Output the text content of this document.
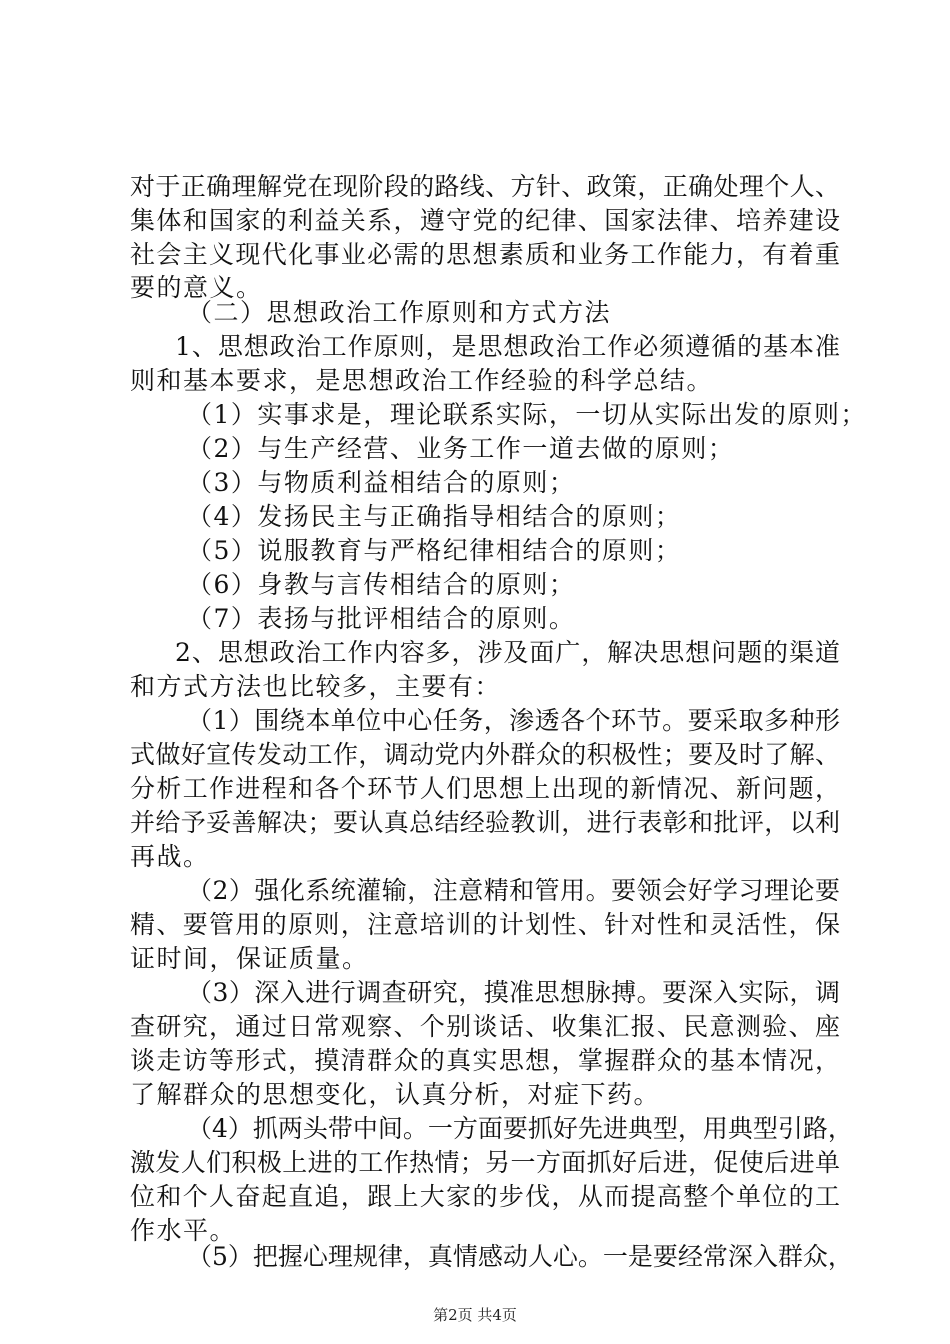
对于正确理解党在现阶段的路线、方针、政策，正确处理个人、
集体和国家的利益关系，遵守党的纪律、国家法律、培养建设
社会主义现代化事业必需的思想素质和业务工作能力，有着重
要的意义。
（二）思想政治工作原则和方式方法
1、思想政治工作原则，是思想政治工作必须遵循的基本准
则和基本要求，是思想政治工作经验的科学总结。
（1）实事求是，理论联系实际，一切从实际出发的原则；
（2）与生产经营、业务工作一道去做的原则；
（3）与物质利益相结合的原则；
（4）发扬民主与正确指导相结合的原则；
（5）说服教育与严格纪律相结合的原则；
（6）身教与言传相结合的原则；
（7）表扬与批评相结合的原则。
2、思想政治工作内容多，涉及面广，解决思想问题的渠道
和方式方法也比较多，主要有：
（1）围绕本单位中心任务，渗透各个环节。要采取多种形
式做好宣传发动工作，调动党内外群众的积极性；要及时了解、
分析工作进程和各个环节人们思想上出现的新情况、新问题，
并给予妥善解决；要认真总结经验教训，进行表彰和批评，以利
再战。
（2）强化系统灌输，注意精和管用。要领会好学习理论要
精、要管用的原则，注意培训的计划性、针对性和灵活性，保
证时间，保证质量。
（3）深入进行调查研究，摸准思想脉搏。要深入实际，调
查研究，通过日常观察、个别谈话、收集汇报、民意测验、座
谈走访等形式，摸清群众的真实思想，掌握群众的基本情况，
了解群众的思想变化，认真分析，对症下药。
（4）抓两头带中间。一方面要抓好先进典型，用典型引路，
激发人们积极上进的工作热情；另一方面抓好后进，促使后进单
位和个人奋起直追，跟上大家的步伐，从而提高整个单位的工
作水平。
（5）把握心理规律，真情感动人心。一是要经常深入群众，
第2页 共4页
